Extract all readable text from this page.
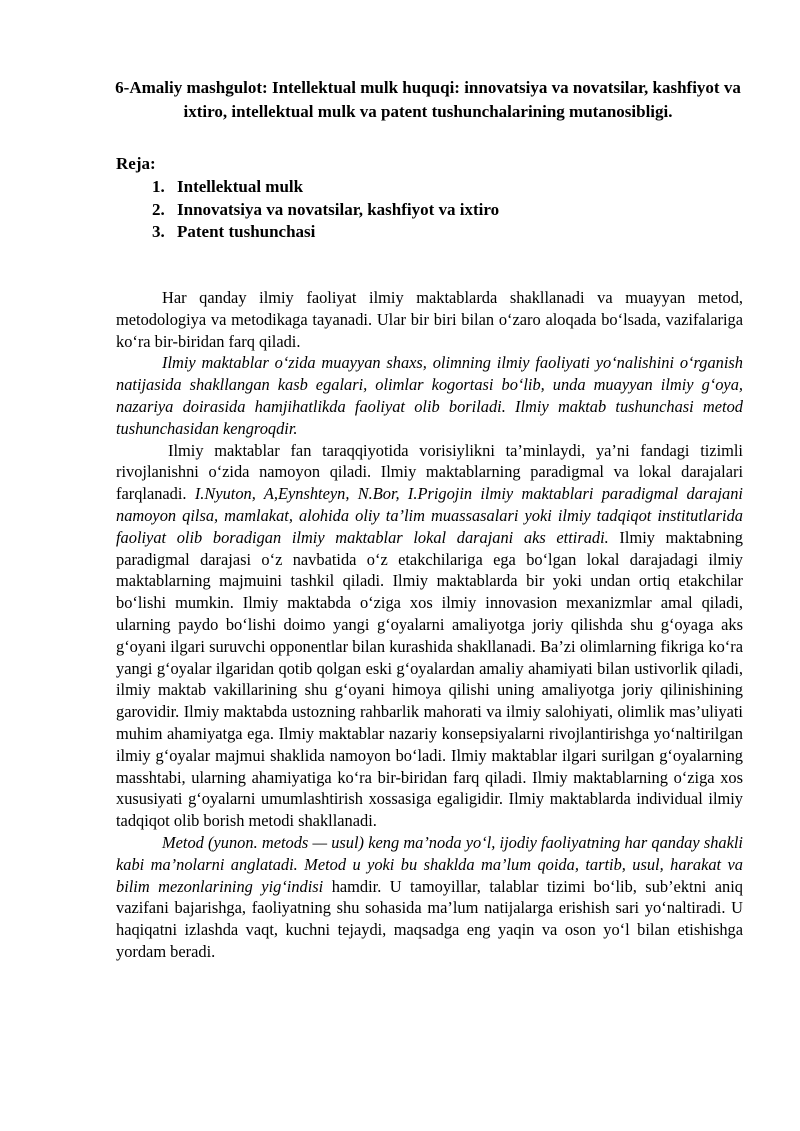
6-Amaliy mashgulot: Intellektual mulk huquqi: innovatsiya va novatsilar, kashfiyot va ixtiro, intellektual mulk va patent tushunchalarining mutanosibligi.
Reja:
1. Intellektual mulk
2. Innovatsiya va novatsilar, kashfiyot va ixtiro
3. Patent tushunchasi

Har qanday ilmiy faoliyat ilmiy maktablarda shakllanadi va muayyan metod, metodologiya va metodikaga tayanadi. Ular bir biri bilan o‘zaro aloqada bo‘lsada, vazifalariga ko‘ra bir-biridan farq qiladi.

Ilmiy maktablar o‘zida muayyan shaxs, olimning ilmiy faoliyati yo‘nalishini o‘rganish natijasida shakllangan kasb egalari, olimlar kogortasi bo‘lib, unda muayyan ilmiy g‘oya, nazariya doirasida hamjihatlikda faoliyat olib boriladi. Ilmiy maktab tushunchasi metod tushunchasidan kengroqdir.

Ilmiy maktablar fan taraqqiyotida vorisiylikni ta’minlaydi, ya’ni fandagi tizimli rivojlanishni o‘zida namoyon qiladi. Ilmiy maktablarning paradigmal va lokal darajalari farqlanadi. I.Nyuton, A,Eynshteyn, N.Bor, I.Prigojin ilmiy maktablari paradigmal darajani namoyon qilsa, mamlakat, alohida oliy ta’lim muassasalari yoki ilmiy tadqiqot institutlarida faoliyat olib boradigan ilmiy maktablar lokal darajani aks ettiradi. Ilmiy maktabning paradigmal darajasi o‘z navbatida o‘z etakchilariga ega bo‘lgan lokal darajadagi ilmiy maktablarning majmuini tashkil qiladi. Ilmiy maktablarda bir yoki undan ortiq etakchilar bo‘lishi mumkin. Ilmiy maktabda o‘ziga xos ilmiy innovasion mexanizmlar amal qiladi, ularning paydo bo‘lishi doimo yangi g‘oyalarni amaliyotga joriy qilishda shu g‘oyaga aks g‘oyani ilgari suruvchi opponentlar bilan kurashida shakllanadi. Ba’zi olimlarning fikriga ko‘ra yangi g‘oyalar ilgaridan qotib qolgan eski g‘oyalardan amaliy ahamiyati bilan ustivorlik qiladi, ilmiy maktab vakillarining shu g‘oyani himoya qilishi uning amaliyotga joriy qilinishining garovidir. Ilmiy maktabda ustozning rahbarlik mahorati va ilmiy salohiyati, olimlik mas’uliyati muhim ahamiyatga ega. Ilmiy maktablar nazariy konsepsiyalarni rivojlantirishga yo‘naltirilgan ilmiy g‘oyalar majmui shaklida namoyon bo‘ladi. Ilmiy maktablar ilgari surilgan g‘oyalarning masshtabi, ularning ahamiyatiga ko‘ra bir-biridan farq qiladi. Ilmiy maktablarning o‘ziga xos xususiyati g‘oyalarni umumlashtirish xossasiga egaligidir. Ilmiy maktablarda individual ilmiy tadqiqot olib borish metodi shakllanadi.

Metod (yunon. metods — usul) keng ma’noda yo‘l, ijodiy faoliyatning har qanday shakli kabi ma’nolarni anglatadi. Metod u yoki bu shaklda ma’lum qoida, tartib, usul, harakat va bilim mezonlarining yig‘indisi hamdir. U tamoyillar, talablar tizimi bo‘lib, sub’ektni aniq vazifani bajarishga, faoliyatning shu sohasida ma’lum natijalarga erishish sari yo‘naltiradi. U haqiqatni izlashda vaqt, kuchni tejaydi, maqsadga eng yaqin va oson yo‘l bilan etishishga yordam beradi.
